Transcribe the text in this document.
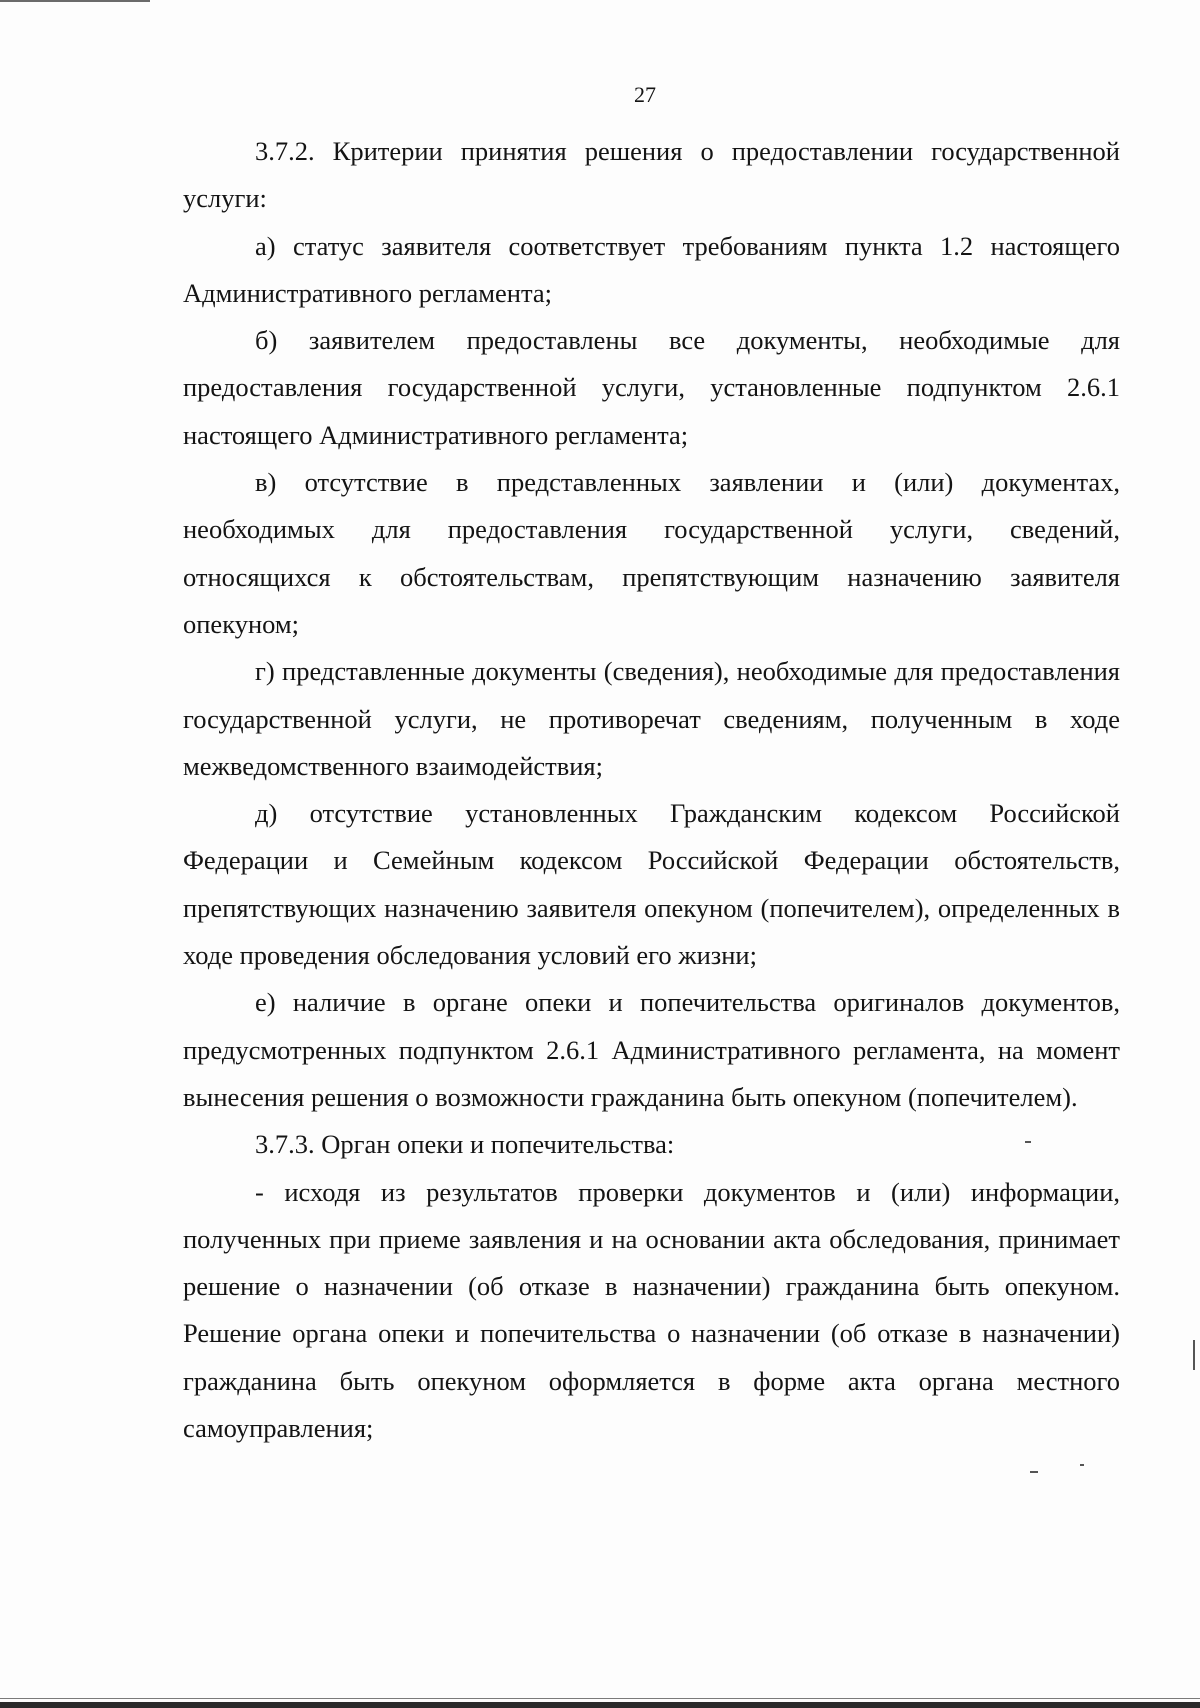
27

3.7.2. Критерии принятия решения о предоставлении государственной услуги:

а) статус заявителя соответствует требованиям пункта 1.2 настоящего Административного регламента;

б) заявителем предоставлены все документы, необходимые для предоставления государственной услуги, установленные подпунктом 2.6.1 настоящего Административного регламента;

в) отсутствие в представленных заявлении и (или) документах, необходимых для предоставления государственной услуги, сведений, относящихся к обстоятельствам, препятствующим назначению заявителя опекуном;

г) представленные документы (сведения), необходимые для предоставления государственной услуги, не противоречат сведениям, полученным в ходе межведомственного взаимодействия;

д) отсутствие установленных Гражданским кодексом Российской Федерации и Семейным кодексом Российской Федерации обстоятельств, препятствующих назначению заявителя опекуном (попечителем), определенных в ходе проведения обследования условий его жизни;

е) наличие в органе опеки и попечительства оригиналов документов, предусмотренных подпунктом 2.6.1 Административного регламента, на момент вынесения решения о возможности гражданина быть опекуном (попечителем).

3.7.3. Орган опеки и попечительства:

- исходя из результатов проверки документов и (или) информации, полученных при приеме заявления и на основании акта обследования, принимает решение о назначении (об отказе в назначении) гражданина быть опекуном. Решение органа опеки и попечительства о назначении (об отказе в назначении) гражданина быть опекуном оформляется в форме акта органа местного самоуправления;
